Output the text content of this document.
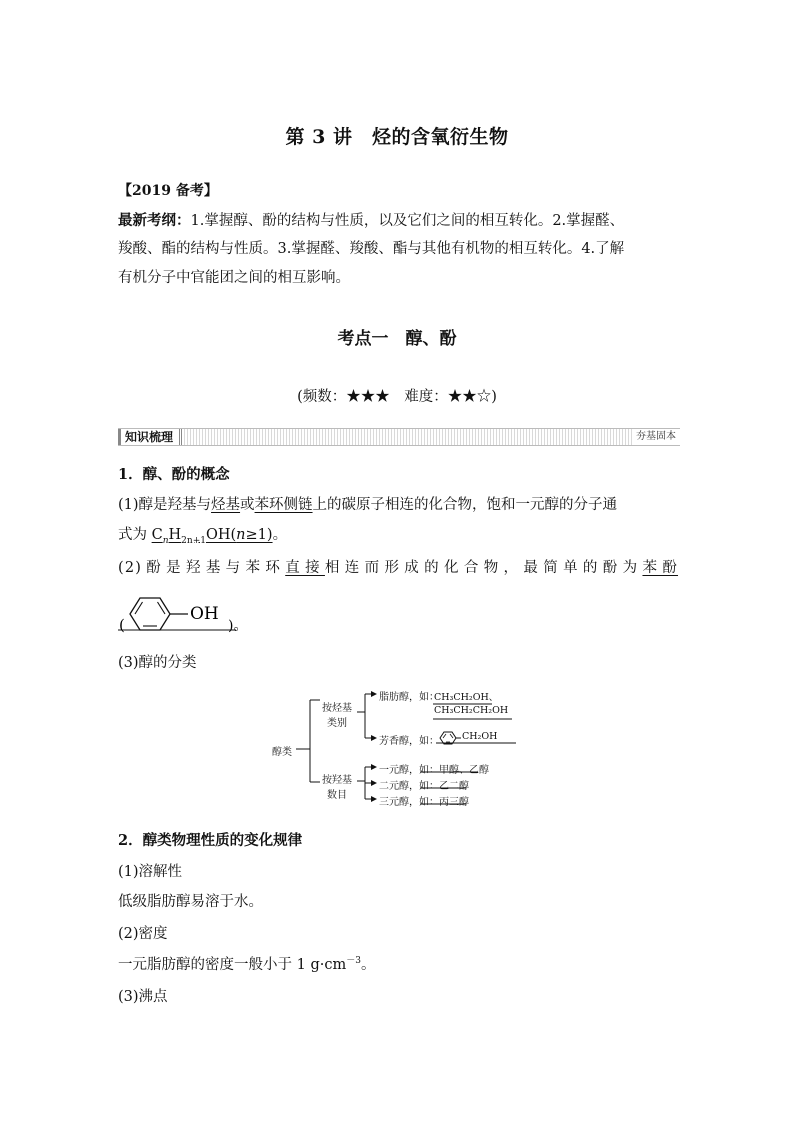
第 3 讲　烃的含氧衍生物
【2019 备考】
最新考纲：1.掌握醇、酚的结构与性质，以及它们之间的相互转化。2.掌握醛、
羧酸、酯的结构与性质。3.掌握醛、羧酸、酯与其他有机物的相互转化。4.了解
有机分子中官能团之间的相互影响。
考点一　醇、酚
(频数：★★★　难度：★★☆)
知识梳理	夯基固本
1．醇、酚的概念
(1)醇是羟基与烃基或苯环侧链上的碳原子相连的化合物，饱和一元醇的分子通
式为 $C_nH_{2n+1}OH(n\ge 1)$。
(2)酚是羟基与苯环直接相连而形成的化合物，最简单的酚为苯酚
(
OH
)。
(3)醇的分类
醇类
按烃基
类别
脂肪醇，如：
CH₃CH₂OH、
CH₃CH₂CH₂OH
芳香醇，如： CH₂OH
按羟基
数目
一元醇，如：甲醇、乙醇
二元醇，如：乙二醇
三元醇，如：丙三醇
2．醇类物理性质的变化规律
(1)溶解性
低级脂肪醇易溶于水。
(2)密度
一元脂肪醇的密度一般小于 1 $g\cdot cm^{-3}$。
(3)沸点
